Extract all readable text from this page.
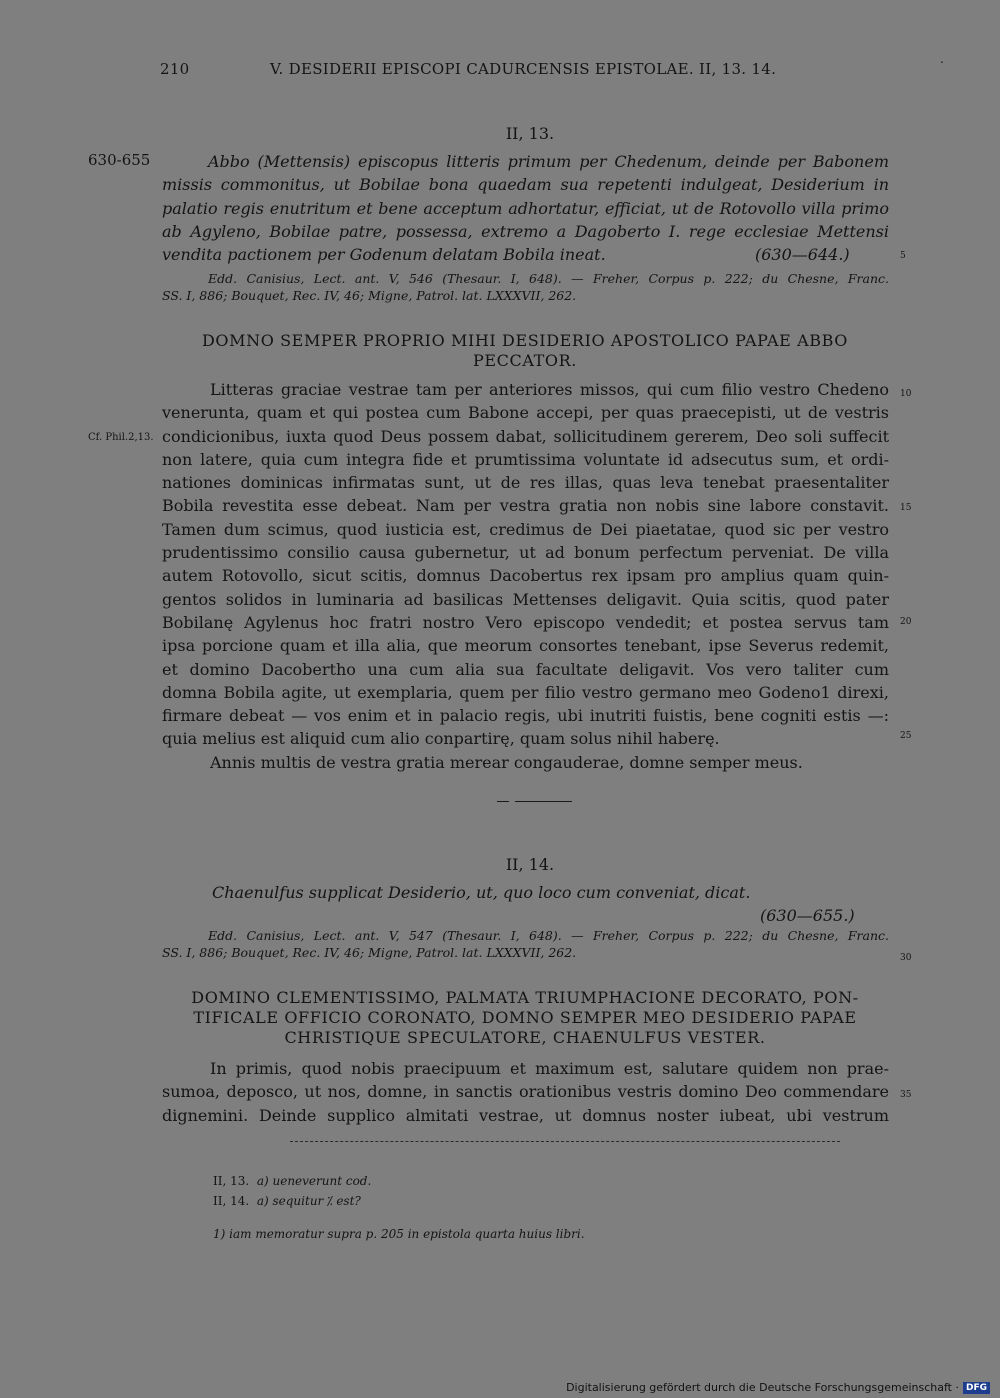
210	V. DESIDERII EPISCOPI CADURCENSIS EPISTOLAE. II, 13. 14.
.
II, 13.
630-655	Abbo (Mettensis) episcopus litteris primum per Chedenum, deinde per Babonem
missis commonitus, ut Bobilae bona quaedam sua repetenti indulgeat, Desiderium in
palatio regis enutritum et bene acceptum adhortatur, efficiat, ut de Rotovollo villa primo
ab Agyleno, Bobilae patre, possessa, extremo a Dagoberto I. rege ecclesiae Mettensi
vendita pactionem per Godenum delatam Bobila ineat.	(630—644.)	5
Edd. Canisius, Lect. ant. V, 546 (Thesaur. I, 648). — Freher, Corpus p. 222; du Chesne, Franc.
SS. I, 886; Bouquet, Rec. IV, 46; Migne, Patrol. lat. LXXXVII, 262.
DOMNO SEMPER PROPRIO MIHI DESIDERIO APOSTOLICO PAPAE ABBO
PECCATOR.
Litteras graciae vestrae tam per anteriores missos, qui cum filio vestro Chedeno
venerunta, quam et qui postea cum Babone accepi, per quas praecepisti, ut de vestris
condicionibus, iuxta quod Deus possem dabat, sollicitudinem gererem, Deo soli suffecit
non latere, quia cum integra fide et prumtissima voluntate id adsecutus sum, et ordi-
nationes dominicas infirmatas sunt, ut de res illas, quas leva tenebat praesentaliter
Bobila revestita esse debeat. Nam per vestra gratia non nobis sine labore constavit.
Tamen dum scimus, quod iusticia est, credimus de Dei piaetatae, quod sic per vestro
prudentissimo consilio causa gubernetur, ut ad bonum perfectum perveniat. De villa
autem Rotovollo, sicut scitis, domnus Dacobertus rex ipsam pro amplius quam quin-
gentos solidos in luminaria ad basilicas Mettenses deligavit. Quia scitis, quod pater
Bobilanę Agylenus hoc fratri nostro Vero episcopo vendedit; et postea servus tam
ipsa porcione quam et illa alia, que meorum consortes tenebant, ipse Severus redemit,
et domino Dacobertho una cum alia sua facultate deligavit. Vos vero taliter cum
domna Bobila agite, ut exemplaria, quem per filio vestro germano meo Godeno1 direxi,
firmare debeat — vos enim et in palacio regis, ubi inutriti fuistis, bene cogniti estis —:
quia melius est aliquid cum alio conpartirę, quam solus nihil haberę.
Annis multis de vestra gratia merear congauderae, domne semper meus.
Cf. Phil.2,13.
10
15
20
25
II, 14.
Chaenulfus supplicat Desiderio, ut, quo loco cum conveniat, dicat.
(630—655.)
Edd. Canisius, Lect. ant. V, 547 (Thesaur. I, 648). — Freher, Corpus p. 222; du Chesne, Franc.
SS. I, 886; Bouquet, Rec. IV, 46; Migne, Patrol. lat. LXXXVII, 262.	30
DOMINO CLEMENTISSIMO, PALMATA TRIUMPHACIONE DECORATO, PON-
TIFICALE OFFICIO CORONATO, DOMNO SEMPER MEO DESIDERIO PAPAE
CHRISTIQUE SPECULATORE, CHAENULFUS VESTER.
In primis, quod nobis praecipuum et maximum est, salutare quidem non prae-
sumoa, deposco, ut nos, domne, in sanctis orationibus vestris domino Deo commendare
dignemini. Deinde supplico almitati vestrae, ut domnus noster iubeat, ubi vestrum
35
II, 13. a) ueneverunt cod.
II, 14. a) sequitur ⁒ est?
1) iam memoratur supra p. 205 in epistola quarta huius libri.
Digitalisierung gefördert durch die Deutsche Forschungsgemeinschaft · DFG
